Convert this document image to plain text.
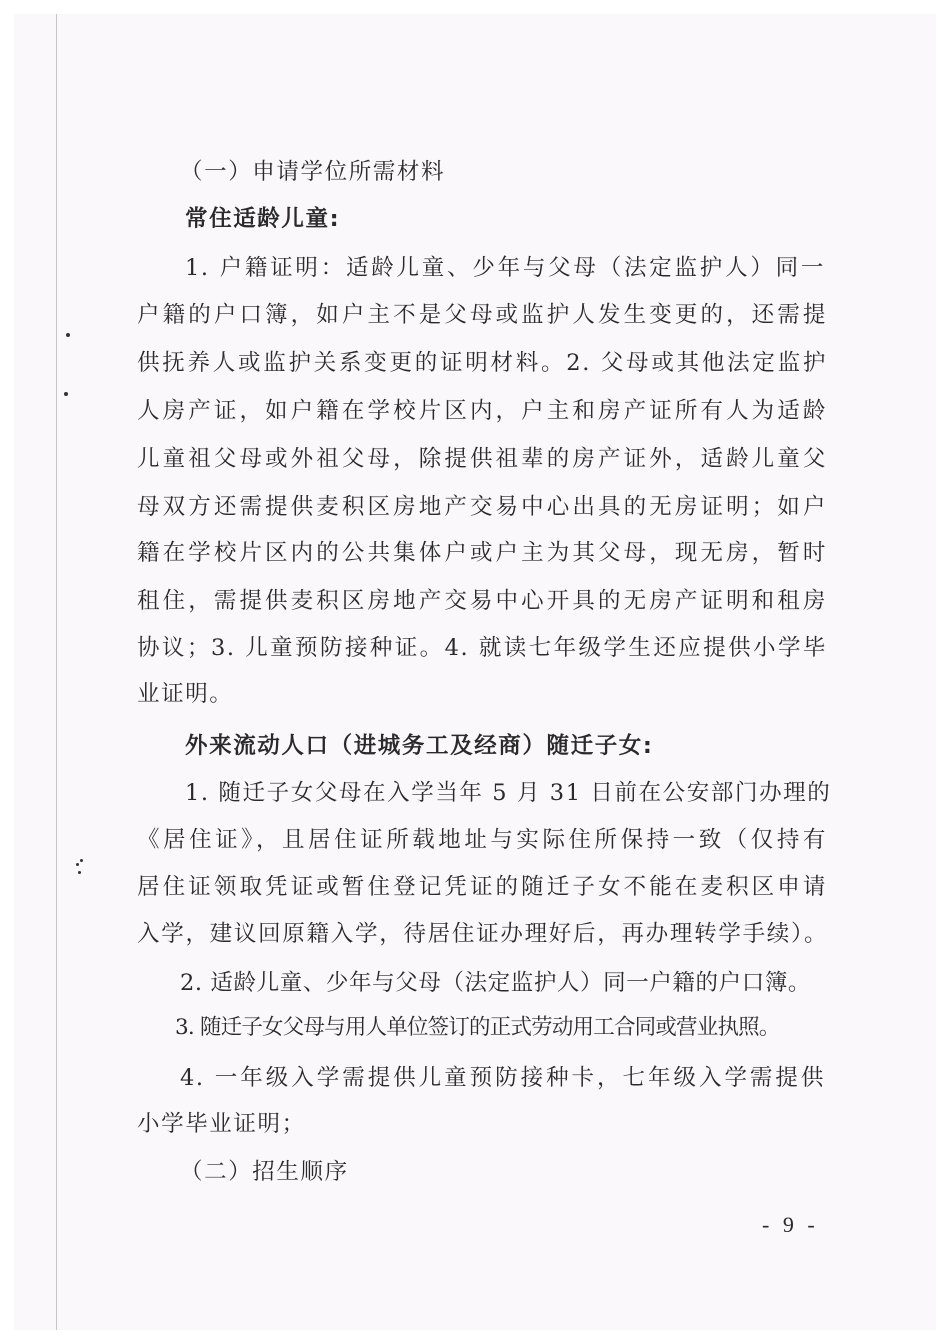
（一）申请学位所需材料
常住适龄儿童:
1. 户籍证明：适龄儿童、少年与父母（法定监护人）同一
户籍的户口簿，如户主不是父母或监护人发生变更的，还需提
供抚养人或监护关系变更的证明材料。2. 父母或其他法定监护
人房产证，如户籍在学校片区内，户主和房产证所有人为适龄
儿童祖父母或外祖父母，除提供祖辈的房产证外，适龄儿童父
母双方还需提供麦积区房地产交易中心出具的无房证明；如户
籍在学校片区内的公共集体户或户主为其父母，现无房，暂时
租住，需提供麦积区房地产交易中心开具的无房产证明和租房
协议；3. 儿童预防接种证。4. 就读七年级学生还应提供小学毕
业证明。
外来流动人口（进城务工及经商）随迁子女:
1. 随迁子女父母在入学当年 5 月 31 日前在公安部门办理的
《居住证》，且居住证所载地址与实际住所保持一致（仅持有
居住证领取凭证或暂住登记凭证的随迁子女不能在麦积区申请
入学，建议回原籍入学，待居住证办理好后，再办理转学手续）。
2. 适龄儿童、少年与父母（法定监护人）同一户籍的户口簿。
3. 随迁子女父母与用人单位签订的正式劳动用工合同或营业执照。
4. 一年级入学需提供儿童预防接种卡，七年级入学需提供
小学毕业证明；
（二）招生顺序
- 9 -
